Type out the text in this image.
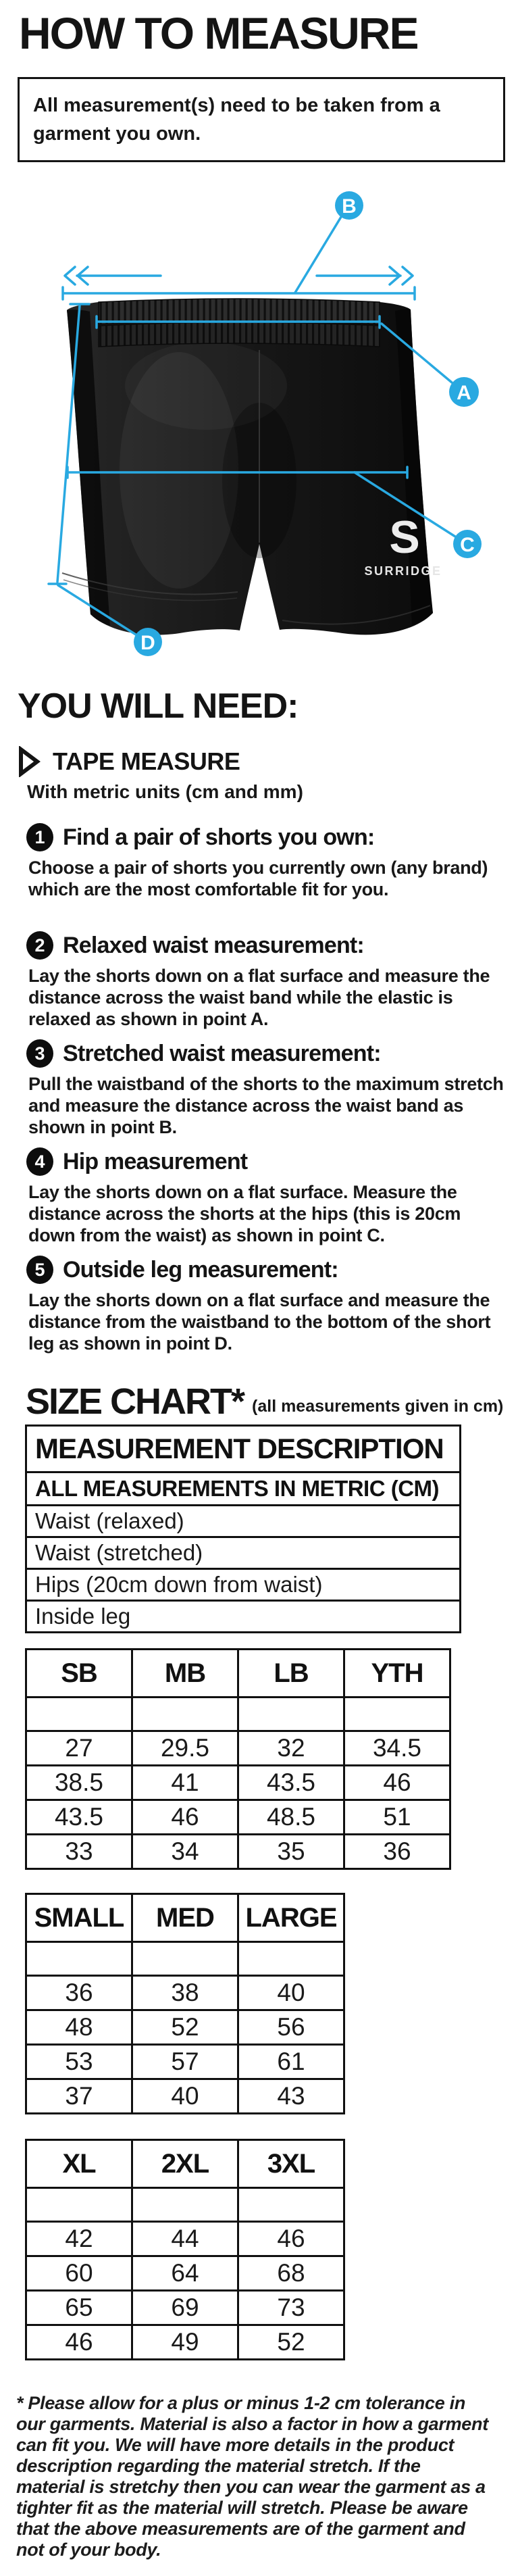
HOW TO MEASURE

All measurement(s) need to be taken from a garment you own.

S
SURRIDGE
B
A
C
D
YOU WILL NEED:
TAPE MEASURE

With metric units (cm and mm)

1 Find a pair of shorts you own:

Choose a pair of shorts you currently own (any brand) which are the most comfortable fit for you.

2 Relaxed waist measurement:

Lay the shorts down on a flat surface and measure the distance across the waist band while the elastic is relaxed as shown in point A.

3 Stretched waist measurement:

Pull the waistband of the shorts to the maximum stretch and measure the distance across the waist band as shown in point B.

4 Hip measurement

Lay the shorts down on a flat surface. Measure the distance across the shorts at the hips (this is 20cm down from the waist) as shown in point C.

5 Outside leg measurement:

Lay the shorts down on a flat surface and measure the distance from the waistband to the bottom of the short leg as shown in point D.

SIZE CHART* (all measurements given in cm)
MEASUREMENT DESCRIPTION
ALL MEASUREMENTS IN METRIC (CM)
Waist (relaxed)
Waist (stretched)
Hips (20cm down from waist)
Inside leg
SB	MB	LB	YTH

27	29.5	32	34.5
38.5	41	43.5	46
43.5	46	48.5	51
33	34	35	36
SMALL	MED	LARGE

36	38	40
48	52	56
53	57	61
37	40	43
XL	2XL	3XL

42	44	46
60	64	68
65	69	73
46	49	52

* Please allow for a plus or minus 1-2 cm tolerance in our garments. Material is also a factor in how a garment can fit you. We will have more details in the product description regarding the material stretch. If the material is stretchy then you can wear the garment as a tighter fit as the material will stretch. Please be aware that the above measurements are of the garment and not of your body.
